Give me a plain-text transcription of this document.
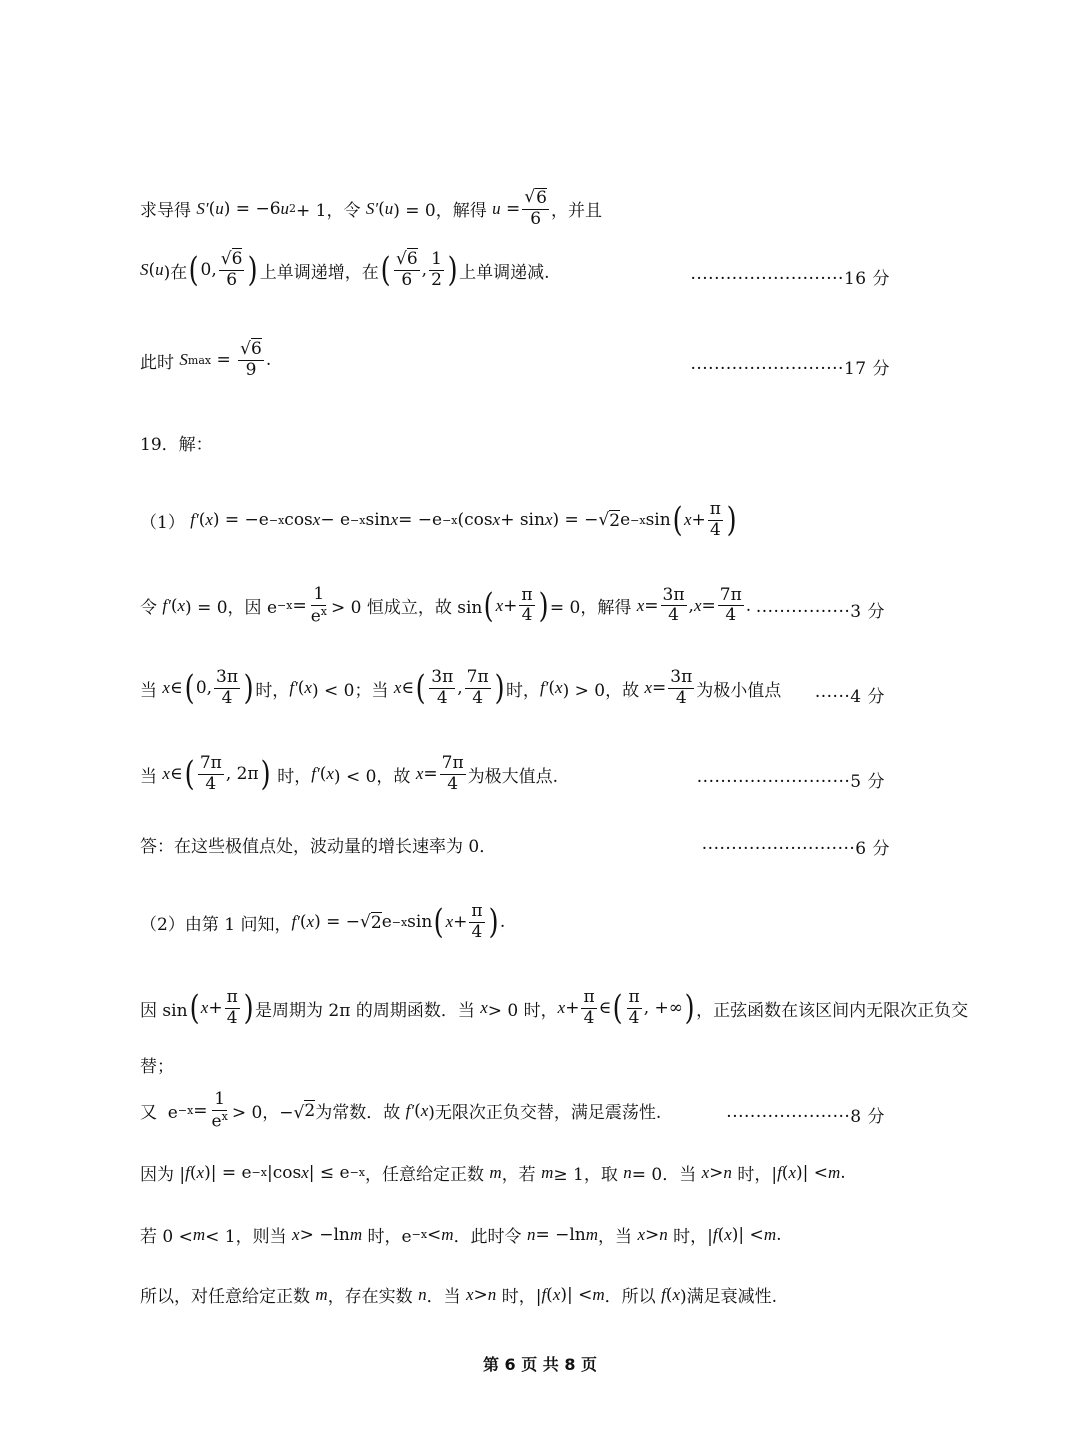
求导得 S′ ( u ) = −6 u 2 + 1，令 S′ ( u ) = 0，解得 $u = \frac{√ 6}{6}$ ，并且
S ( u )在 ( 0, $\frac{√6}{6}$ ) 上单调递增，在 ( $\frac{√6}{6}$ , $\frac{1}{2}$ ) 上单调递减.	··························16 分
此时 S $\max = \frac{√6}{9}$ .	··························17 分
19．解：
（1） f′ ( x ) = −e −x cos x − e −x sin x = −e −x (cos x + sin x ) = −√ 2 e −x sin ( $x + \frac{\pi}{4}$ )
令 f′ ( x ) = 0，因 $e -x = \frac{1}{e^x} > 0$ 恒成立，故 sin ( $x + \frac{\pi}{4}$ ) = 0，解得 $x = \frac{3\pi}{4}$ , $x = \frac{7\pi}{4}$ . ················3 分
当 x ∈ ( 0, $\frac{3\pi}{4}$ ) 时， f′ ( x ) < 0；当 x ∈ ( $\frac{3\pi}{4}$ , $\frac{7\pi}{4}$ ) 时， f′ ( x ) > 0，故 $x = \frac{3\pi}{4}$ 为极小值点	······4 分
当 x ∈ ( $\frac{7\pi}{4}$ , 2π ) 时， f′ ( x ) < 0，故 $x = \frac{7\pi}{4}$ 为极大值点.	··························5 分
答：在这些极值点处，波动量的增长速率为 0．	··························6 分
（2）由第 1 问知， f′ ( x ) = −√ 2 e −x sin ( $x + \frac{\pi}{4}$ ) .
因 sin ( $x + \frac{\pi}{4}$ ) 是周期为 2π 的周期函数．当 x > 0 时， $x + \frac{\pi}{4}$ ∈ ( $\frac{\pi}{4}$ , +∞ ) ，正弦函数在该区间内无限次正负交
替；
又  $e -x = \frac{1}{e^x} > 0$，−√ 2 为常数．故 f′ ( x )无限次正负交替，满足震荡性.	·····················8 分
因为 | f ( x )| = e −x |cos x | ≤ e −x ，任意给定正数 m ，若 m ≥ 1，取 n = 0．当 x > n 时，| f ( x )| < m .
若 0 < m < 1，则当 x > −ln m 时，e −x < m ．此时令 n = −ln m ，当 x > n 时，| f ( x )| < m .
所以，对任意给定正数 m ，存在实数 n ．当 x > n 时，| f ( x )| < m ．所以 f ( x )满足衰减性.
第 6 页 共 8 页
